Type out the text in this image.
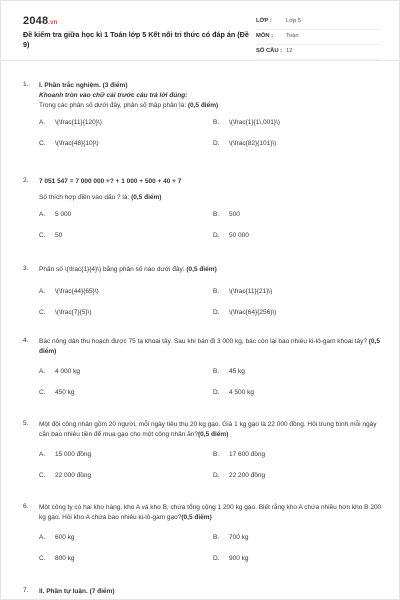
2048.vn
Đề kiểm tra giữa học kì 1 Toán lớp 5 Kết nối tri thức có đáp án (Đề 9)
LỚP :	Lớp 5
MÔN :	Toán
SỐ CÂU : 12
1.	I. Phần trắc nghiệm. (3 điểm)
Khoanh tròn vào chữ cái trước câu trả lời đúng:
Trong các phân số dưới đây, phân số thập phân là: (0,5 điểm)
A.	\(\frac{11}{120}\)	B.	\(\frac{1}{1\,001}\)
C.	\(\frac{48}{10}\)	D.	\(\frac{82}{101}\)
2.	7 051 547 = 7 000 000 +? + 1 000 + 500 + 40 + 7
Số thích hợp điền vào dấu ? là: (0,5 điểm)
A.	5 000	B.	500
C.	50	D.	50 000
3.	Phân số \(\frac{1}{4}\) bằng phân số nào dưới đây: (0,5 điểm)
A.	\(\frac{44}{65}\)	B.	\(\frac{11}{21}\)
C.	\(\frac{7}{5}\)	D.	\(\frac{64}{256}\)
4.	Bác nông dân thu hoạch được 75 tạ khoai tây. Sau khi bán đi 3 000 kg, bác còn lại bao nhiêu ki-lô-gam khoai tây? (0,5 điểm)
A.	4 000 kg	B.	45 kg
C.	450 kg	D.	4 500 kg
5.	Một đội công nhân gồm 20 người, mỗi ngày tiêu thụ 20 kg gạo. Giá 1 kg gạo là 22 000 đồng. Hỏi trung bình mỗi ngày cần bao nhiêu tiền để mua gạo cho một công nhân ăn?(0,5 điểm)
A.	15 000 đồng	B.	17 600 đồng
C.	22 000 đồng	D.	22 200 đồng
6.	Một công ty có hai kho hàng, kho A và kho B, chứa tổng cộng 1 200 kg gạo. Biết rằng kho A chứa nhiều hơn kho B 200 kg gạo. Hỏi kho A chứa bao nhiêu ki-lô-gam gạo?(0,5 điểm)
A.	600 kg	B.	700 kg
C.	800 kg	D.	900 kg
7.	II. Phần tự luận. (7 điểm)
